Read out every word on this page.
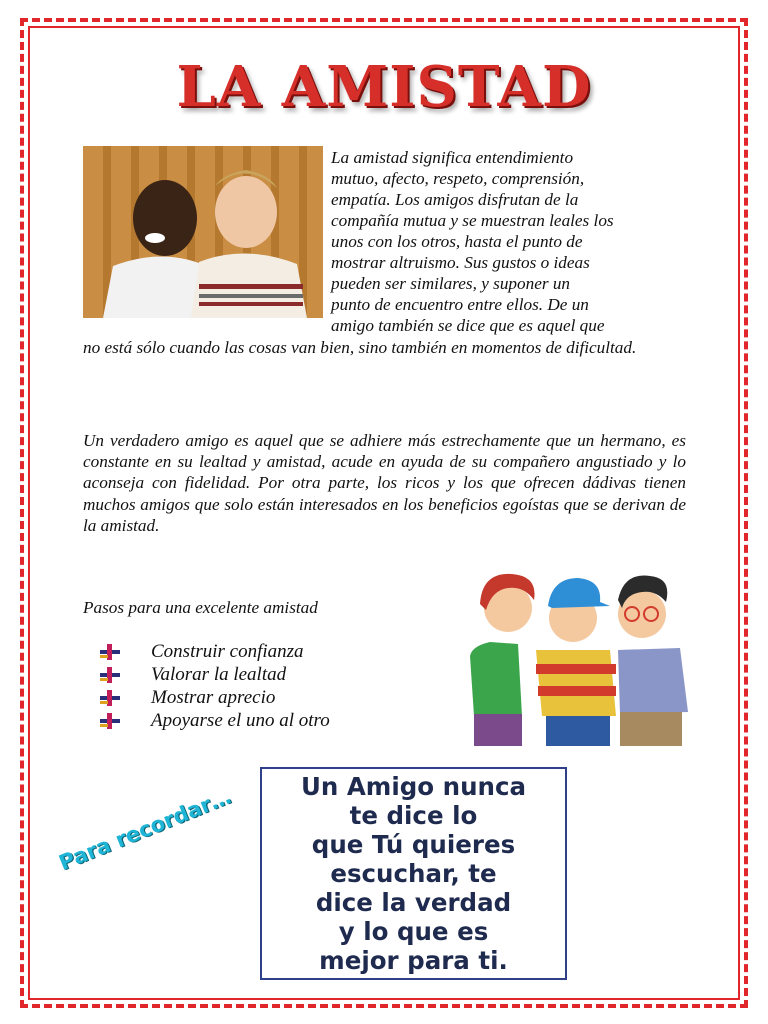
LA AMISTAD

La amistad significa entendimiento

mutuo, afecto, respeto, comprensión,

empatía. Los amigos disfrutan de la

compañía mutua y se muestran leales los

unos con los otros, hasta el punto de

mostrar altruismo. Sus gustos o ideas

pueden ser similares, y suponer un

punto de encuentro entre ellos. De un

amigo también se dice que es aquel que

no está sólo cuando las cosas van bien, sino también en momentos de dificultad.

Un verdadero amigo es aquel que se adhiere más estrechamente que un hermano, es constante en su lealtad y amistad, acude en ayuda de su compañero angustiado y lo aconseja con fidelidad. Por otra parte, los ricos y los que ofrecen dádivas tienen muchos amigos que solo están interesados en los beneficios egoístas que se derivan de la amistad.

Pasos para una excelente amistad

Construir confianza
Valorar la lealtad
Mostrar aprecio
Apoyarse el uno al otro

Para recordar…	Un Amigo nunca
te dice lo
que Tú quieres
escuchar, te
dice la verdad
y lo que es
mejor para ti.
